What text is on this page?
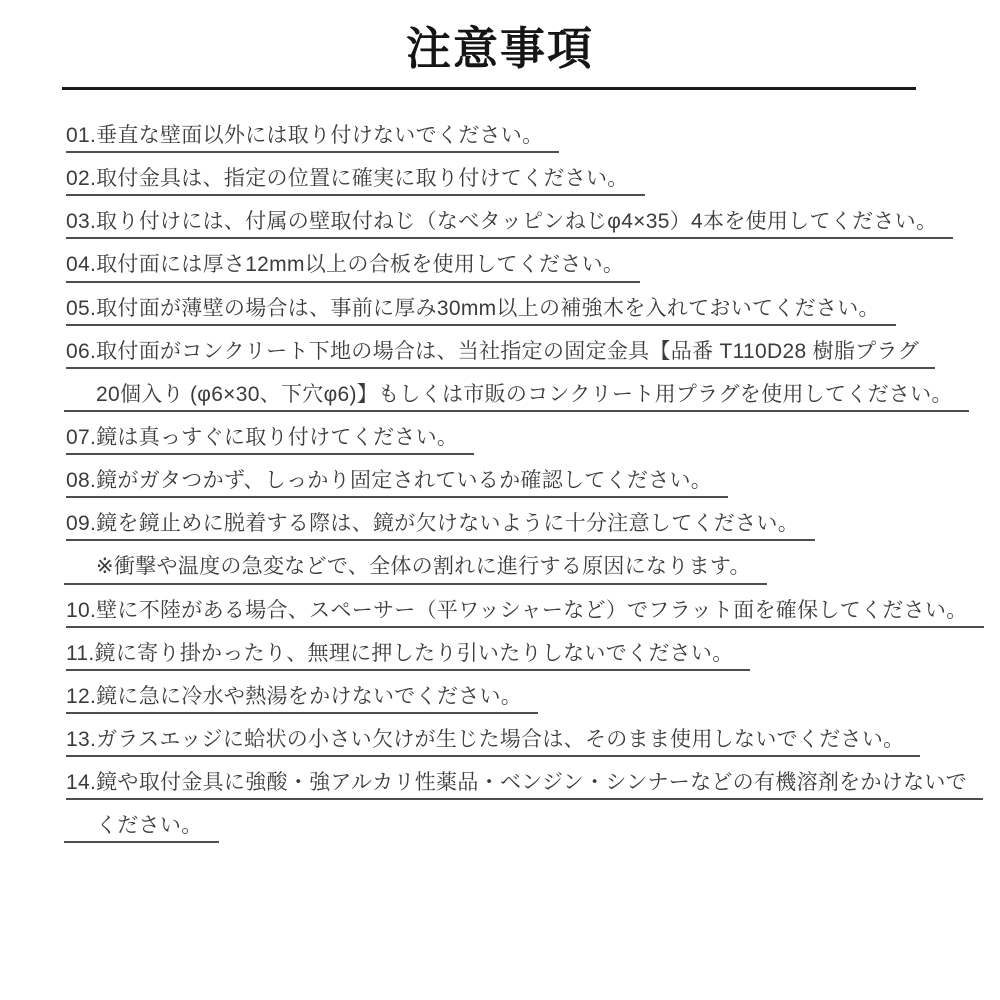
注意事項
01.垂直な壁面以外には取り付けないでください。
02.取付金具は、指定の位置に確実に取り付けてください。
03.取り付けには、付属の壁取付ねじ（なべタッピンねじφ4×35）4本を使用してください。
04.取付面には厚さ12mm以上の合板を使用してください。
05.取付面が薄壁の場合は、事前に厚み30mm以上の補強木を入れておいてください。
06.取付面がコンクリート下地の場合は、当社指定の固定金具【品番 T110D28 樹脂プラグ
20個入り (φ6×30、下穴φ6)】もしくは市販のコンクリート用プラグを使用してください。
07.鏡は真っすぐに取り付けてください。
08.鏡がガタつかず、しっかり固定されているか確認してください。
09.鏡を鏡止めに脱着する際は、鏡が欠けないように十分注意してください。
※衝撃や温度の急変などで、全体の割れに進行する原因になります。
10.壁に不陸がある場合、スペーサー（平ワッシャーなど）でフラット面を確保してください。
11.鏡に寄り掛かったり、無理に押したり引いたりしないでください。
12.鏡に急に冷水や熱湯をかけないでください。
13.ガラスエッジに蛤状の小さい欠けが生じた場合は、そのまま使用しないでください。
14.鏡や取付金具に強酸・強アルカリ性薬品・ベンジン・シンナーなどの有機溶剤をかけないで
ください。
